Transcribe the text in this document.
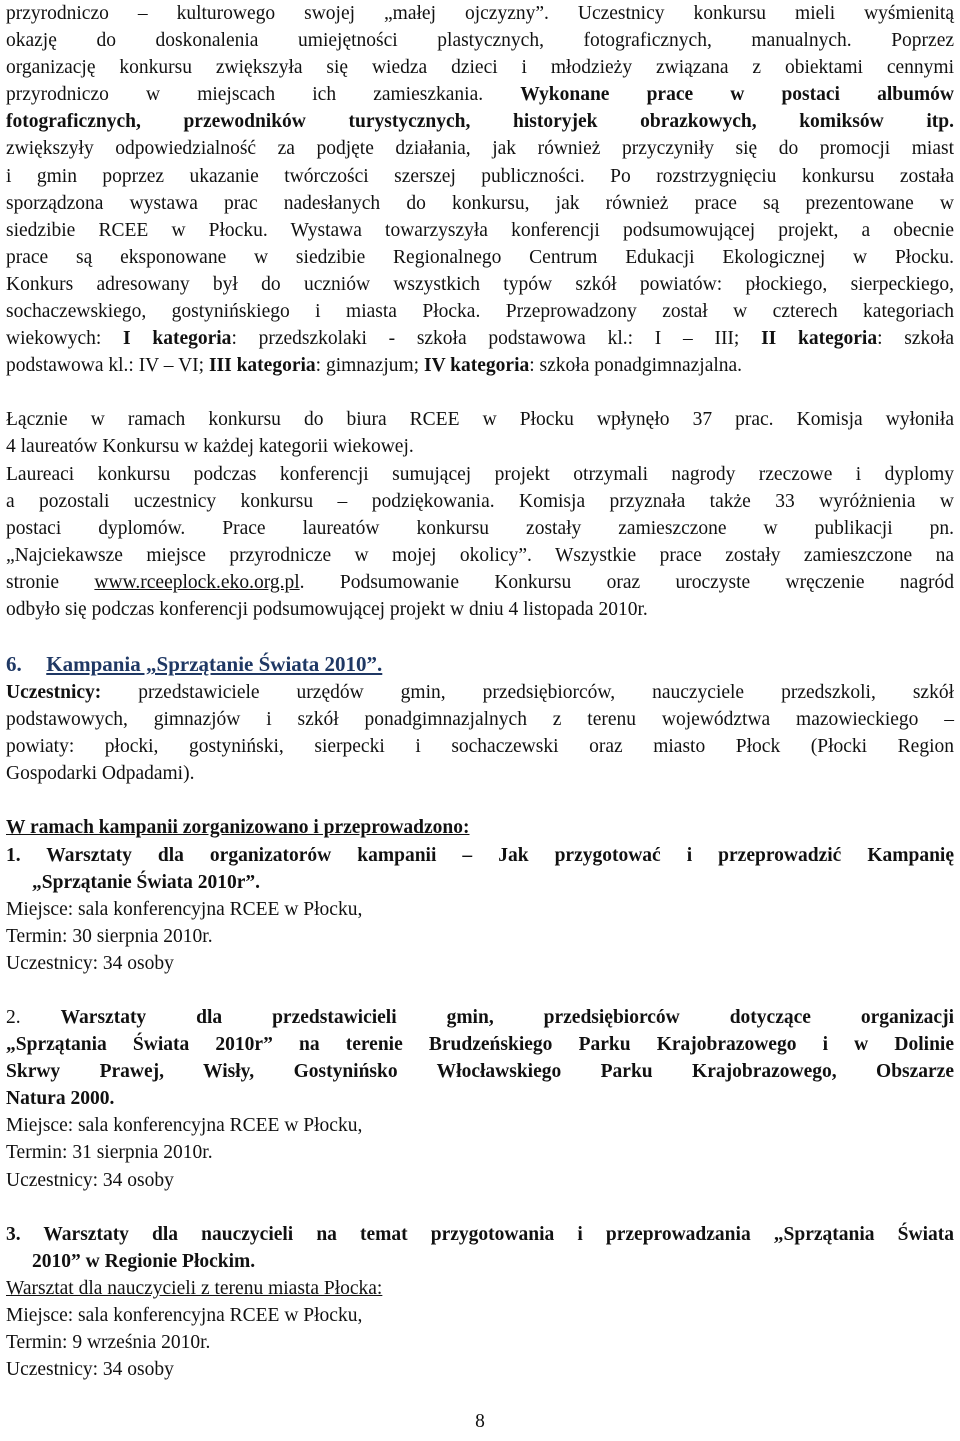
przyrodniczo – kulturowego swojej „małej ojczyzny”. Uczestnicy konkursu mieli wyśmienitą
okazję do doskonalenia umiejętności plastycznych, fotograficznych, manualnych. Poprzez
organizację konkursu zwiększyła się wiedza dzieci i młodzieży związana z obiektami cennymi
przyrodniczo w miejscach ich zamieszkania. Wykonane prace w postaci albumów
fotograficznych, przewodników turystycznych, historyjek obrazkowych, komiksów itp.
zwiększyły odpowiedzialność za podjęte działania, jak również przyczyniły się do promocji miast
i gmin poprzez ukazanie twórczości szerszej publiczności. Po rozstrzygnięciu konkursu została
sporządzona wystawa prac nadesłanych do konkursu, jak również prace są prezentowane w
siedzibie RCEE w Płocku. Wystawa towarzyszyła konferencji podsumowującej projekt, a obecnie
prace są eksponowane w siedzibie Regionalnego Centrum Edukacji Ekologicznej w Płocku.
Konkurs adresowany był do uczniów wszystkich typów szkół powiatów: płockiego, sierpeckiego,
sochaczewskiego, gostynińskiego i miasta Płocka. Przeprowadzony został w czterech kategoriach
wiekowych: I kategoria: przedszkolaki - szkoła podstawowa kl.: I – III; II kategoria: szkoła
podstawowa kl.: IV – VI; III kategoria: gimnazjum; IV kategoria: szkoła ponadgimnazjalna.
Łącznie w ramach konkursu do biura RCEE w Płocku wpłynęło 37 prac. Komisja wyłoniła
4 laureatów Konkursu w każdej kategorii wiekowej.
Laureaci konkursu podczas konferencji sumującej projekt otrzymali nagrody rzeczowe i dyplomy
a pozostali uczestnicy konkursu – podziękowania. Komisja przyznała także 33 wyróżnienia w
postaci dyplomów. Prace laureatów konkursu zostały zamieszczone w publikacji pn.
„Najciekawsze miejsce przyrodnicze w mojej okolicy”. Wszystkie prace zostały zamieszczone na
stronie www.rceeplock.eko.org.pl. Podsumowanie Konkursu oraz uroczyste wręczenie nagród
odbyło się podczas konferencji podsumowującej projekt w dniu 4 listopada 2010r.
6. Kampania „Sprzątanie Świata 2010”.
Uczestnicy: przedstawiciele urzędów gmin, przedsiębiorców, nauczyciele przedszkoli, szkół
podstawowych, gimnazjów i szkół ponadgimnazjalnych z terenu województwa mazowieckiego –
powiaty: płocki, gostyniński, sierpecki i sochaczewski oraz miasto Płock (Płocki Region
Gospodarki Odpadami).
W ramach kampanii zorganizowano i przeprowadzono:
1. Warsztaty dla organizatorów kampanii – Jak przygotować i przeprowadzić Kampanię
„Sprzątanie Świata 2010r”.
Miejsce: sala konferencyjna RCEE w Płocku,
Termin: 30 sierpnia 2010r.
Uczestnicy: 34 osoby
2. Warsztaty dla przedstawicieli gmin, przedsiębiorców dotyczące organizacji
„Sprzątania Świata 2010r” na terenie Brudzeńskiego Parku Krajobrazowego i w Dolinie
Skrwy Prawej, Wisły, Gostynińsko Włocławskiego Parku Krajobrazowego, Obszarze
Natura 2000.
Miejsce: sala konferencyjna RCEE w Płocku,
Termin: 31 sierpnia 2010r.
Uczestnicy: 34 osoby
3. Warsztaty dla nauczycieli na temat przygotowania i przeprowadzania „Sprzątania Świata
2010” w Regionie Płockim.
Warsztat dla nauczycieli z terenu miasta Płocka:
Miejsce: sala konferencyjna RCEE w Płocku,
Termin: 9 września 2010r.
Uczestnicy: 34 osoby
8
